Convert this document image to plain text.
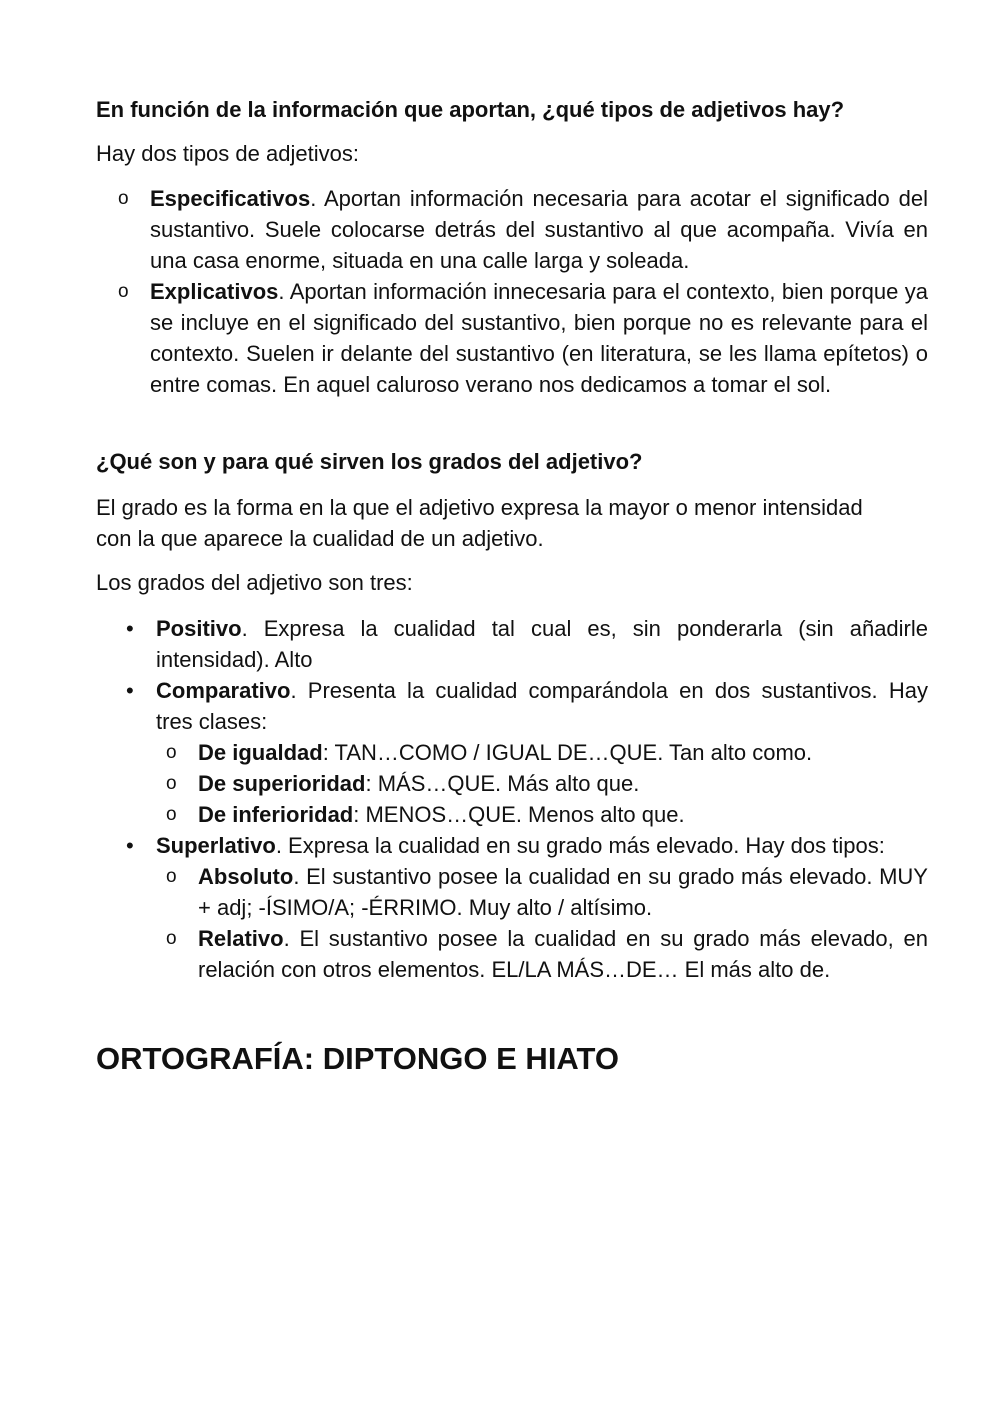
En función de la información que aportan, ¿qué tipos de adjetivos hay?

Hay dos tipos de adjetivos:

o Especificativos. Aportan información necesaria para acotar el significado del sustantivo. Suele colocarse detrás del sustantivo al que acompaña. Vivía en una casa enorme, situada en una calle larga y soleada.
o Explicativos. Aportan información innecesaria para el contexto, bien porque ya se incluye en el significado del sustantivo, bien porque no es relevante para el contexto. Suelen ir delante del sustantivo (en literatura, se les llama epítetos) o entre comas. En aquel caluroso verano nos dedicamos a tomar el sol.
¿Qué son y para qué sirven los grados del adjetivo?

El grado es la forma en la que el adjetivo expresa la mayor o menor intensidad con la que aparece la cualidad de un adjetivo.

Los grados del adjetivo son tres:

• Positivo. Expresa la cualidad tal cual es, sin ponderarla (sin añadirle intensidad). Alto
• Comparativo. Presenta la cualidad comparándola en dos sustantivos. Hay tres clases:
o De igualdad: TAN…COMO / IGUAL DE…QUE. Tan alto como.
o De superioridad: MÁS…QUE. Más alto que.
o De inferioridad: MENOS…QUE. Menos alto que.
• Superlativo. Expresa la cualidad en su grado más elevado. Hay dos tipos:
o Absoluto. El sustantivo posee la cualidad en su grado más elevado. MUY + adj; -ÍSIMO/A; -ÉRRIMO. Muy alto / altísimo.
o Relativo. El sustantivo posee la cualidad en su grado más elevado, en relación con otros elementos. EL/LA MÁS…DE… El más alto de.
ORTOGRAFÍA: DIPTONGO E HIATO
